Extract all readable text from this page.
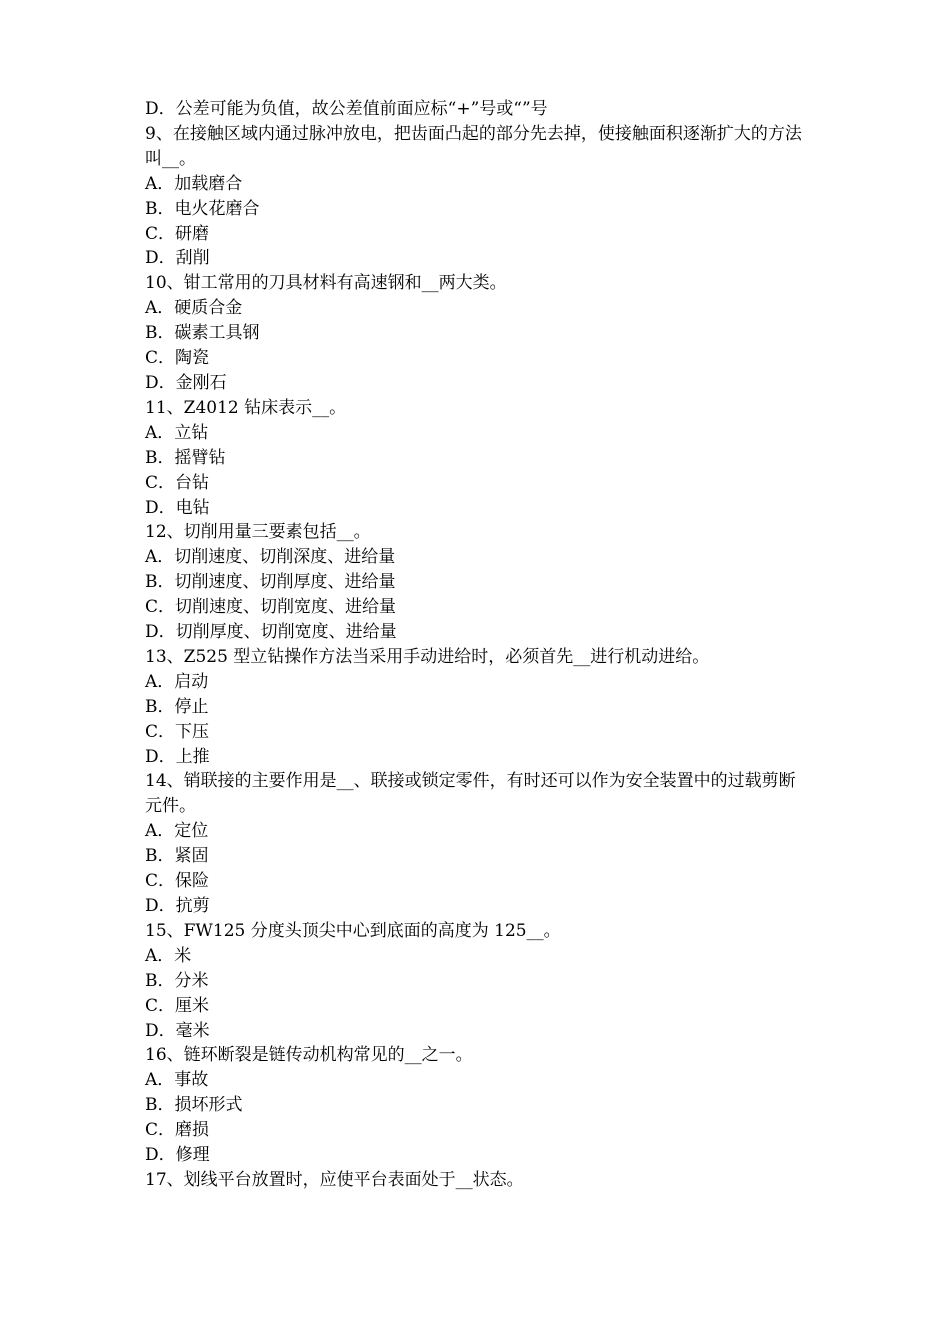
D．公差可能为负值，故公差值前面应标“+”号或“”号
9、在接触区域内通过脉冲放电，把齿面凸起的部分先去掉，使接触面积逐渐扩大的方法叫__。
A．加载磨合
B．电火花磨合
C．研磨
D．刮削
10、钳工常用的刀具材料有高速钢和__两大类。
A．硬质合金
B．碳素工具钢
C．陶瓷
D．金刚石
11、Z4012 钻床表示__。
A．立钻
B．摇臂钻
C．台钻
D．电钻
12、切削用量三要素包括__。
A．切削速度、切削深度、进给量
B．切削速度、切削厚度、进给量
C．切削速度、切削宽度、进给量
D．切削厚度、切削宽度、进给量
13、Z525 型立钻操作方法当采用手动进给时，必须首先__进行机动进给。
A．启动
B．停止
C．下压
D．上推
14、销联接的主要作用是__、联接或锁定零件，有时还可以作为安全装置中的过载剪断元件。
A．定位
B．紧固
C．保险
D．抗剪
15、FW125 分度头顶尖中心到底面的高度为 125__。
A．米
B．分米
C．厘米
D．毫米
16、链环断裂是链传动机构常见的__之一。
A．事故
B．损坏形式
C．磨损
D．修理
17、划线平台放置时，应使平台表面处于__状态。
